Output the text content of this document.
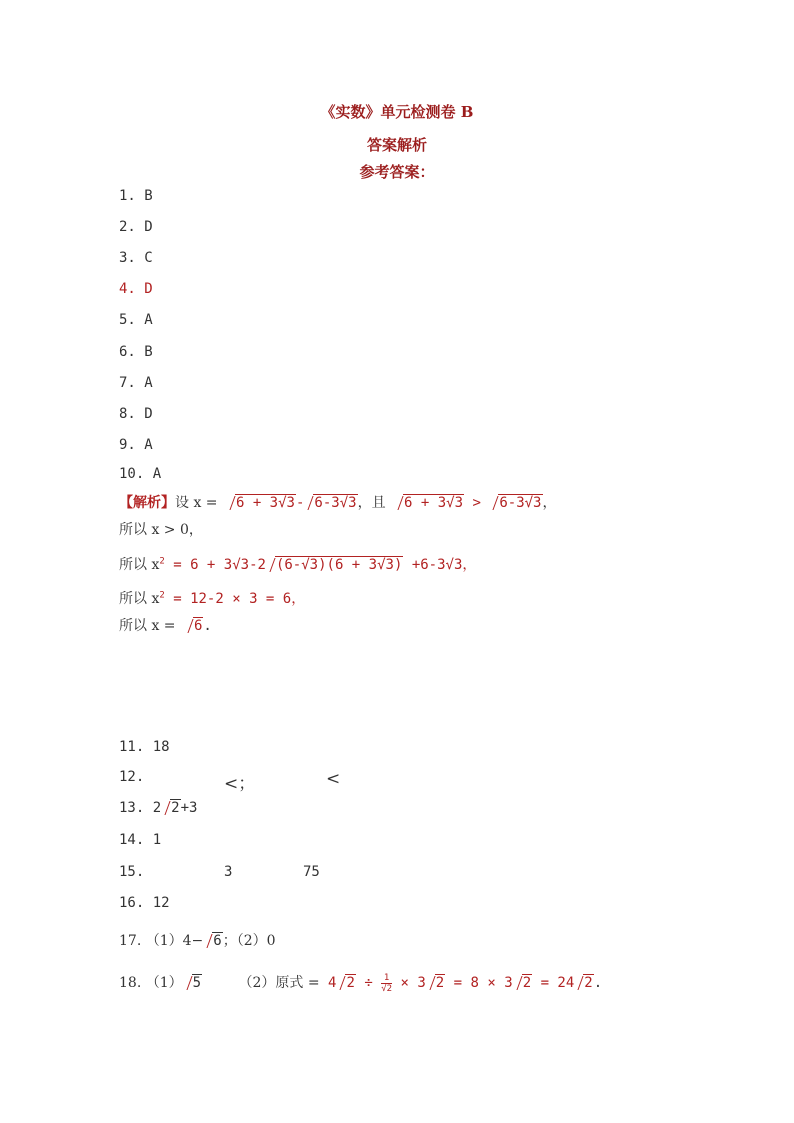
《实数》单元检测卷 B
答案解析
参考答案：
1. B
2. D
3. C
4. D
5. A
6. B
7. A
8. D
9. A
10. A
【解析】设 x = 6 + 3√3- 6-3√3，且 6 + 3√3 > 6-3√3，
所以 x > 0，
所以 $x^2 = 6 + 3√3-2$ (6-√3)(6 + 3√3) +6-3√3，
所以 $x^2 = 12-2 \times 3 = 6$，
所以 x = 6.
11. 18
12.	<；	<
13. 2 2+3
14. 1
15.	3	75
16. 12
17. （1）4− 6；（2）0
18. （1） 5	（2）原式 = 4 $2 \div \frac{1}{√2} \times 3$ 2 = 8 × 3 2 = 24 2.
